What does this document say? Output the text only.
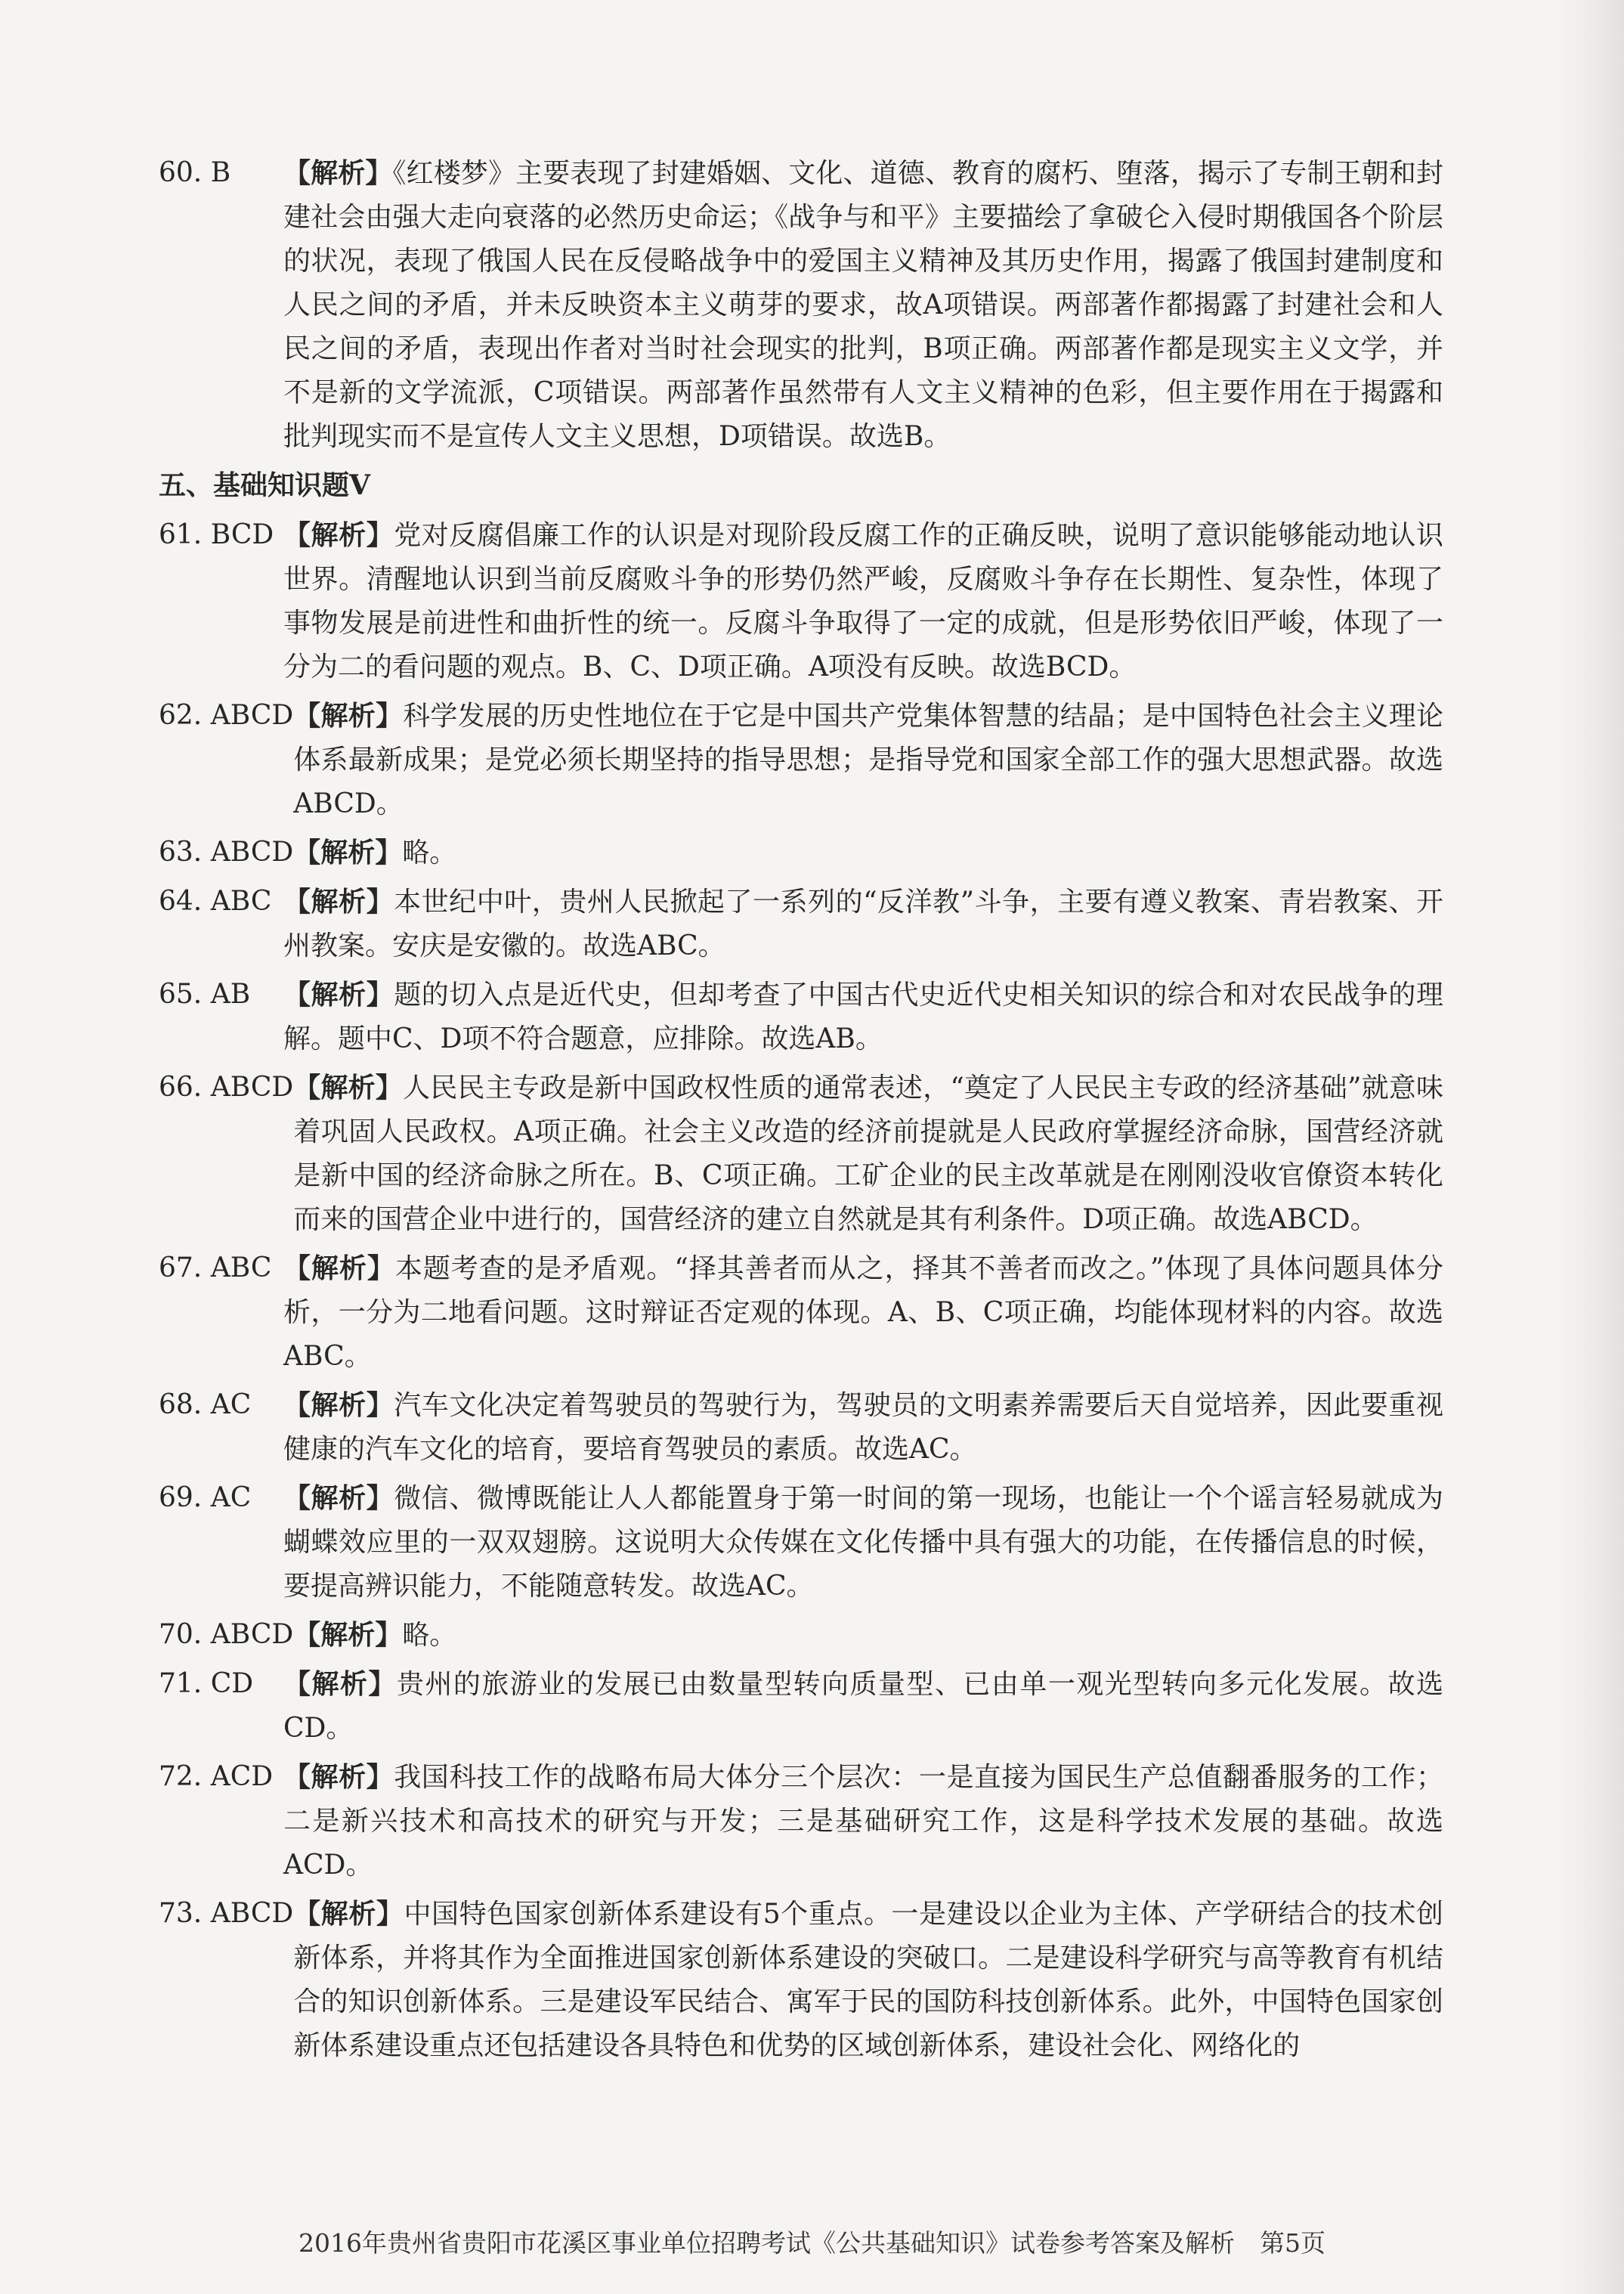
60. B	【解析】《红楼梦》主要表现了封建婚姻、文化、道德、教育的腐朽、堕落，揭示了专制王朝和封建社会由强大走向衰落的必然历史命运；《战争与和平》主要描绘了拿破仑入侵时期俄国各个阶层的状况，表现了俄国人民在反侵略战争中的爱国主义精神及其历史作用，揭露了俄国封建制度和人民之间的矛盾，并未反映资本主义萌芽的要求，故A项错误。两部著作都揭露了封建社会和人民之间的矛盾，表现出作者对当时社会现实的批判，B项正确。两部著作都是现实主义文学，并不是新的文学流派，C项错误。两部著作虽然带有人文主义精神的色彩，但主要作用在于揭露和批判现实而不是宣传人文主义思想，D项错误。故选B。
五、基础知识题Ⅴ
61. BCD 【解析】党对反腐倡廉工作的认识是对现阶段反腐工作的正确反映，说明了意识能够能动地认识世界。清醒地认识到当前反腐败斗争的形势仍然严峻，反腐败斗争存在长期性、复杂性，体现了事物发展是前进性和曲折性的统一。反腐斗争取得了一定的成就，但是形势依旧严峻，体现了一分为二的看问题的观点。B、C、D项正确。A项没有反映。故选BCD。
62. ABCD 【解析】科学发展的历史性地位在于它是中国共产党集体智慧的结晶；是中国特色社会主义理论体系最新成果；是党必须长期坚持的指导思想；是指导党和国家全部工作的强大思想武器。故选ABCD。
63. ABCD 【解析】略。
64. ABC 【解析】本世纪中叶，贵州人民掀起了一系列的“反洋教”斗争，主要有遵义教案、青岩教案、开州教案。安庆是安徽的。故选ABC。
65. AB	【解析】题的切入点是近代史，但却考查了中国古代史近代史相关知识的综合和对农民战争的理解。题中C、D项不符合题意，应排除。故选AB。
66. ABCD 【解析】人民民主专政是新中国政权性质的通常表述，“奠定了人民民主专政的经济基础”就意味着巩固人民政权。A项正确。社会主义改造的经济前提就是人民政府掌握经济命脉，国营经济就是新中国的经济命脉之所在。B、C项正确。工矿企业的民主改革就是在刚刚没收官僚资本转化而来的国营企业中进行的，国营经济的建立自然就是其有利条件。D项正确。故选ABCD。
67. ABC 【解析】本题考查的是矛盾观。“择其善者而从之，择其不善者而改之。”体现了具体问题具体分析，一分为二地看问题。这时辩证否定观的体现。A、B、C项正确，均能体现材料的内容。故选ABC。
68. AC	【解析】汽车文化决定着驾驶员的驾驶行为，驾驶员的文明素养需要后天自觉培养，因此要重视健康的汽车文化的培育，要培育驾驶员的素质。故选AC。
69. AC	【解析】微信、微博既能让人人都能置身于第一时间的第一现场，也能让一个个谣言轻易就成为蝴蝶效应里的一双双翅膀。这说明大众传媒在文化传播中具有强大的功能，在传播信息的时候，要提高辨识能力，不能随意转发。故选AC。
70. ABCD 【解析】略。
71. CD	【解析】贵州的旅游业的发展已由数量型转向质量型、已由单一观光型转向多元化发展。故选CD。
72. ACD 【解析】我国科技工作的战略布局大体分三个层次：一是直接为国民生产总值翻番服务的工作；二是新兴技术和高技术的研究与开发；三是基础研究工作，这是科学技术发展的基础。故选ACD。
73. ABCD 【解析】中国特色国家创新体系建设有5个重点。一是建设以企业为主体、产学研结合的技术创新体系，并将其作为全面推进国家创新体系建设的突破口。二是建设科学研究与高等教育有机结合的知识创新体系。三是建设军民结合、寓军于民的国防科技创新体系。此外，中国特色国家创新体系建设重点还包括建设各具特色和优势的区域创新体系，建设社会化、网络化的
2016年贵州省贵阳市花溪区事业单位招聘考试《公共基础知识》试卷参考答案及解析　第5页
